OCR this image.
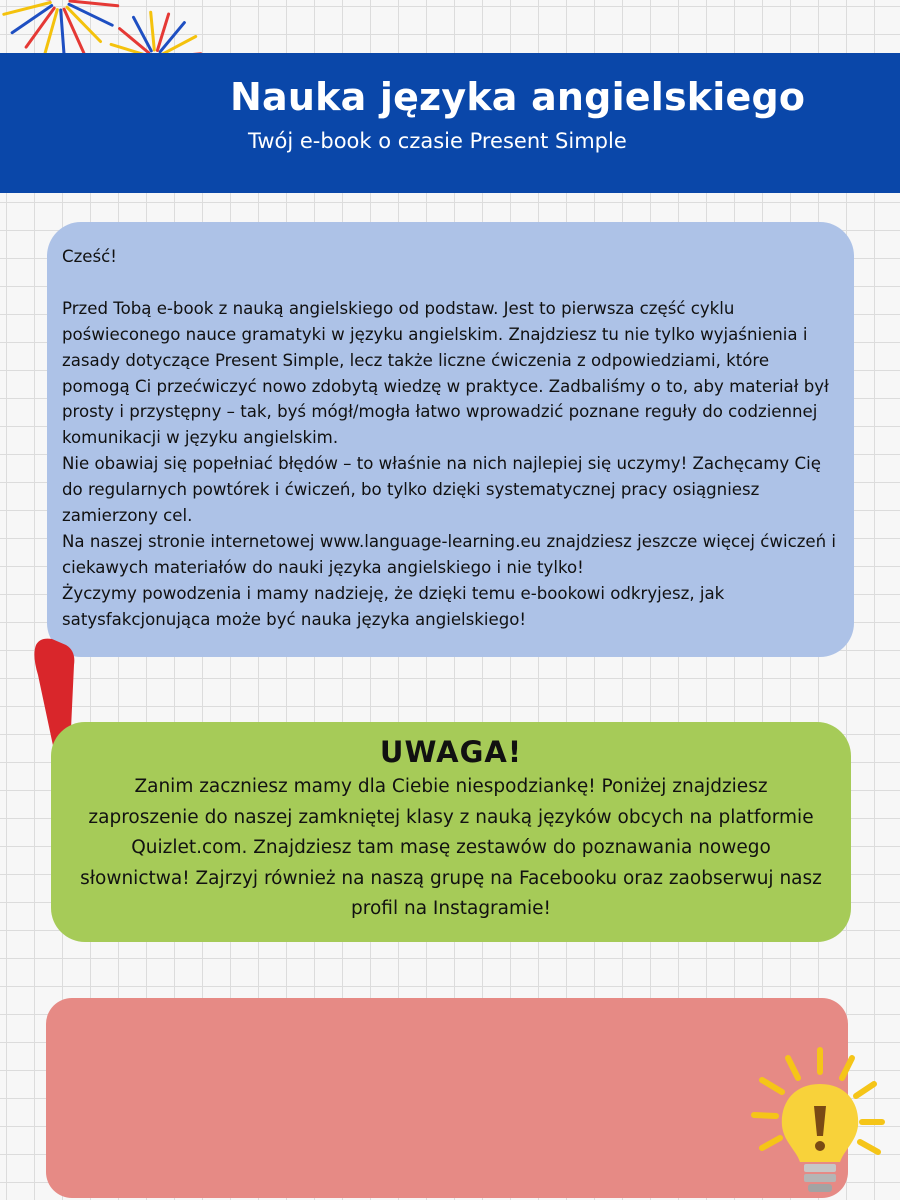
Nauka języka angielskiego

Twój e-book o czasie Present Simple

Cześć!

Przed Tobą e-book z nauką angielskiego od podstaw. Jest to pierwsza część cyklu poświeconego nauce gramatyki w języku angielskim. Znajdziesz tu nie tylko wyjaśnienia i zasady dotyczące Present Simple, lecz także liczne ćwiczenia z odpowiedziami, które pomogą Ci przećwiczyć nowo zdobytą wiedzę w praktyce. Zadbaliśmy o to, aby materiał był prosty i przystępny – tak, byś mógł/mogła łatwo wprowadzić poznane reguły do codziennej komunikacji w języku angielskim.

Nie obawiaj się popełniać błędów – to właśnie na nich najlepiej się uczymy! Zachęcamy Cię do regularnych powtórek i ćwiczeń, bo tylko dzięki systematycznej pracy osiągniesz zamierzony cel.

Na naszej stronie internetowej www.language-learning.eu znajdziesz jeszcze więcej ćwiczeń i ciekawych materiałów do nauki języka angielskiego i nie tylko!

Życzymy powodzenia i mamy nadzieję, że dzięki temu e-bookowi odkryjesz, jak satysfakcjonująca może być nauka języka angielskiego!

UWAGA!

Zanim zaczniesz mamy dla Ciebie niespodziankę! Poniżej znajdziesz zaproszenie do naszej zamkniętej klasy z nauką języków obcych na platformie Quizlet.com. Znajdziesz tam masę zestawów do poznawania nowego słownictwa! Zajrzyj również na naszą grupę na Facebooku oraz zaobserwuj nasz profil na Instagramie!
